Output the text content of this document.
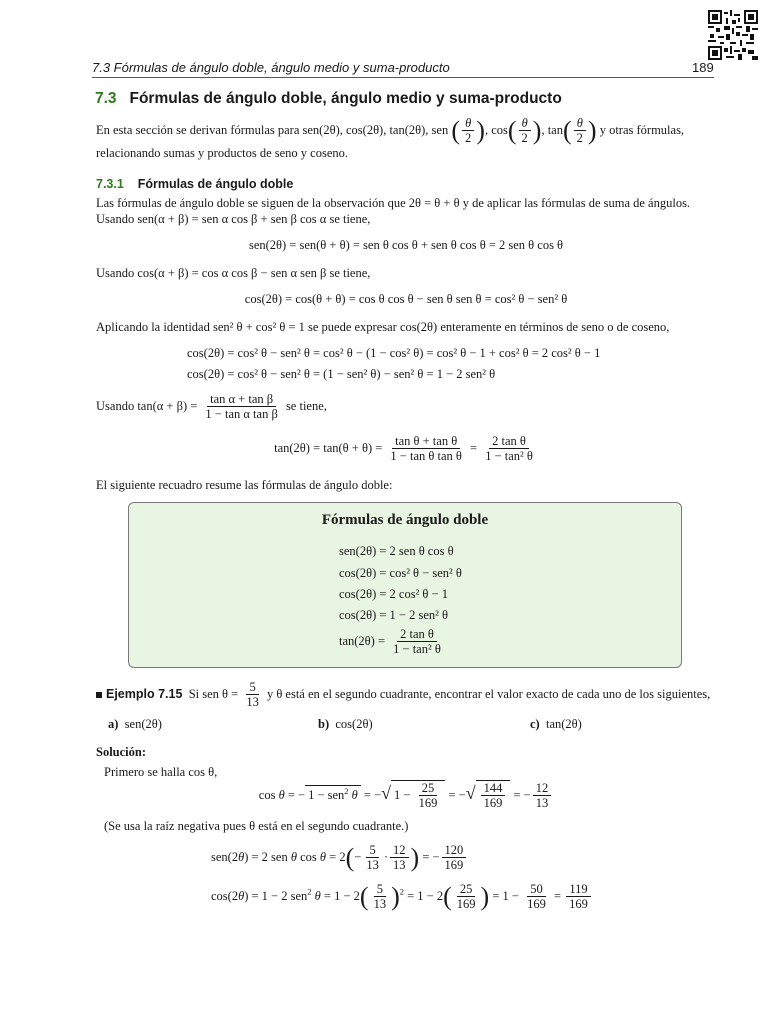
7.3 Fórmulas de ángulo doble, ángulo medio y suma-producto	189
7.3 Fórmulas de ángulo doble, ángulo medio y suma-producto
En esta sección se derivan fórmulas para sen(2θ), cos(2θ), tan(2θ), sen ( $\frac{\theta}{2}$ ), $\cos( \frac{\theta}{2}$ ), $\tan( \frac{\theta}{2}$ ) y otras fórmulas,
relacionando sumas y productos de seno y coseno.
7.3.1 Fórmulas de ángulo doble
Las fórmulas de ángulo doble se siguen de la observación que 2θ = θ + θ y de aplicar las fórmulas de suma de ángulos.
Usando sen(α + β) = sen α cos β + sen β cos α se tiene,
sen(2θ) = sen(θ + θ) = sen θ cos θ + sen θ cos θ = 2 sen θ cos θ
Usando cos(α + β) = cos α cos β − sen α sen β se tiene,
cos(2θ) = cos(θ + θ) = cos θ cos θ − sen θ sen θ = cos² θ − sen² θ
Aplicando la identidad sen² θ + cos² θ = 1 se puede expresar cos(2θ) enteramente en términos de seno o de coseno,
cos(2θ) = cos² θ − sen² θ = cos² θ − (1 − cos² θ) = cos² θ − 1 + cos² θ = 2 cos² θ − 1
cos(2θ) = cos² θ − sen² θ = (1 − sen² θ) − sen² θ = 1 − 2 sen² θ
Usando $\tan(\alpha + \beta) = \frac{\text{tan α + tan β}}{\text{1 − tan α tan β}}$ se tiene,
$\tan(2\theta) = \tan(\theta + \theta) = \frac{\text{tan θ + tan θ}}{\text{1 − tan θ tan θ}} = \frac{\text{2 tan θ}}{\text{1 − tan² θ}}$
El siguiente recuadro resume las fórmulas de ángulo doble:
Fórmulas de ángulo doble
sen(2θ) = 2 sen θ cos θ
cos(2θ) = cos² θ − sen² θ
cos(2θ) = 2 cos² θ − 1
cos(2θ) = 1 − 2 sen² θ
$\tan(2\theta) = \frac{\text{2 tan θ}}{\text{1 − tan² θ}}$
Ejemplo 7.15 Si sen $\theta = \frac{5}{13}$ y θ está en el segundo cuadrante, encontrar el valor exacto de cada uno de los siguientes,
a) sen(2θ)	b) cos(2θ)	c) tan(2θ)
Solución:
Primero se halla cos θ,
cos θ = − 1 − sen$^2$ θ = −√ $1 - \frac{25}{169}$ = −√ $\frac{144}{169}$ = − $\frac{12}{13}$
(Se usa la raíz negativa pues θ está en el segundo cuadrante.)
sen(2θ) = 2 sen θ $\cos \theta = 2(- \frac{5}{13} \cdot \frac{12}{13}$ ) = − $\frac{120}{169}$
cos(2θ) = 1 − 2 sen$^2$ $\theta = 1 - 2( \frac{5}{13} )^2 = 1 - 2( \frac{25}{169}$ ) = $1 - \frac{50}{169} = \frac{119}{169}$
